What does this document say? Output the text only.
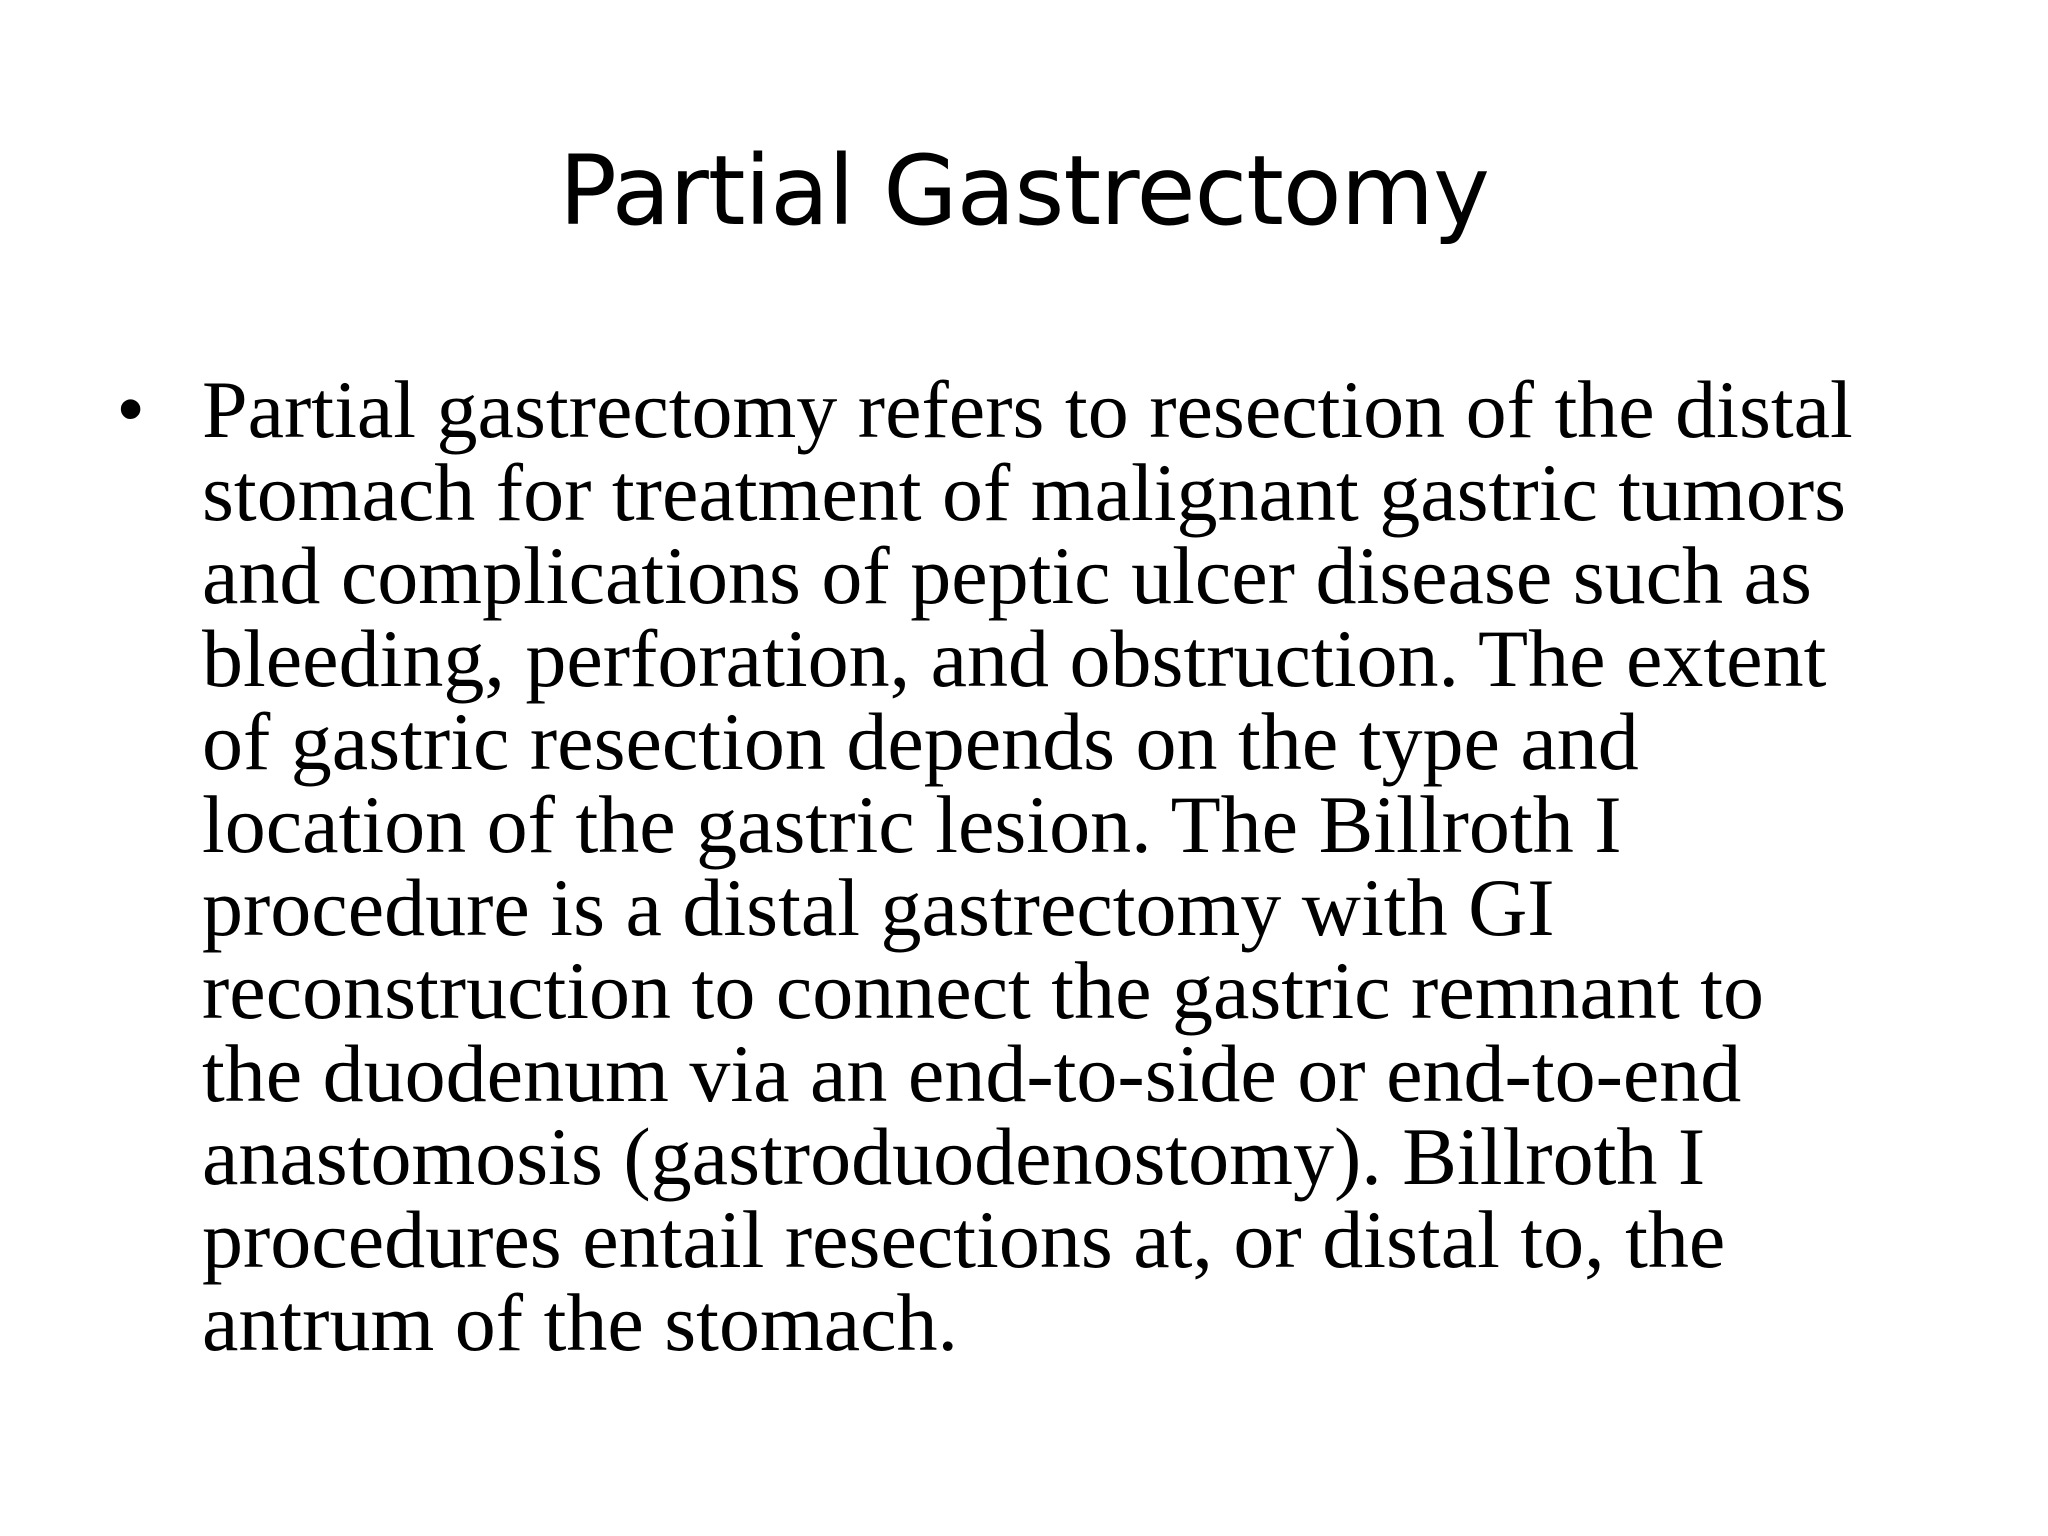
Partial Gastrectomy
• Partial gastrectomy refers to resection of the distal
stomach for treatment of malignant gastric tumors
and complications of peptic ulcer disease such as
bleeding, perforation, and obstruction. The extent
of gastric resection depends on the type and
location of the gastric lesion. The Billroth I
procedure is a distal gastrectomy with GI
reconstruction to connect the gastric remnant to
the duodenum via an end-to-side or end-to-end
anastomosis (gastroduodenostomy). Billroth I
procedures entail resections at, or distal to, the
antrum of the stomach.
